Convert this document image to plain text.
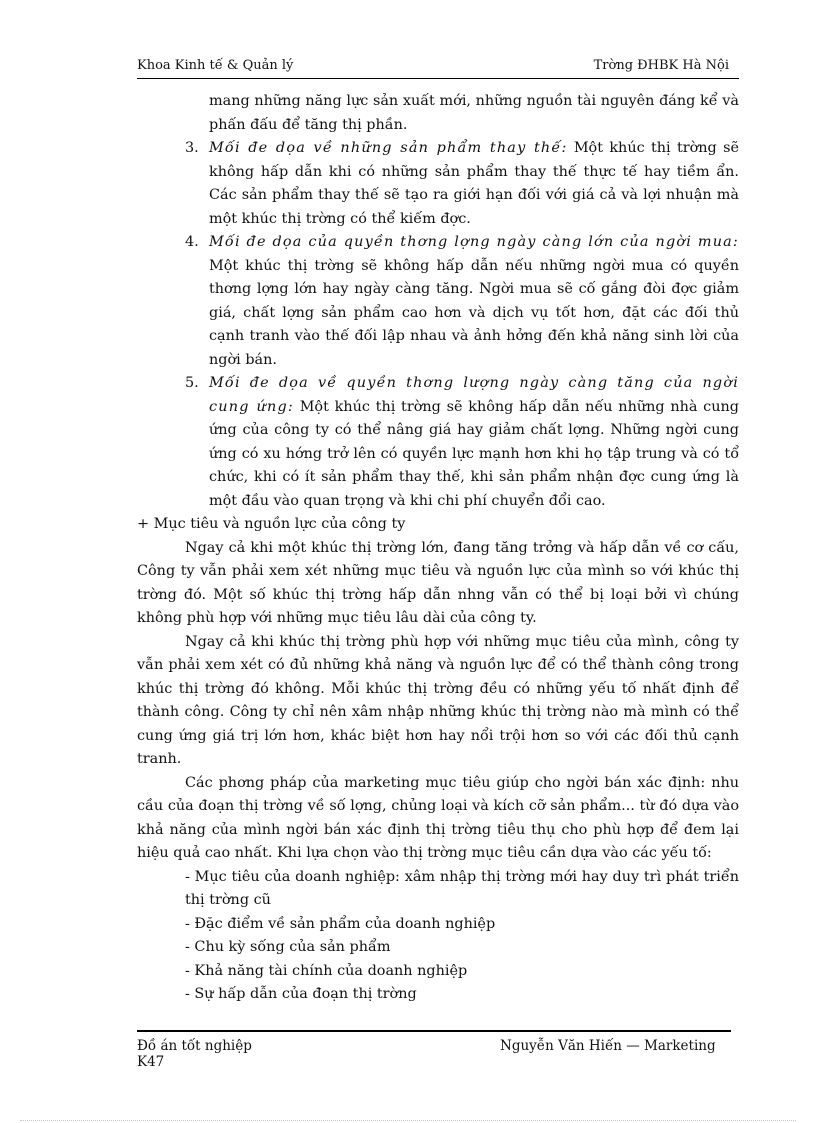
Khoa Kinh tế & Quản lý	Trờng ĐHBK Hà Nội

mang những năng lực sản xuất mới, những nguồn tài nguyên đáng kể và phấn đấu để tăng thị phần.

3. Mối đe dọa về những sản phẩm thay thế: Một khúc thị trờng sẽ không hấp dẫn khi có những sản phẩm thay thế thực tế hay tiềm ẩn. Các sản phẩm thay thế sẽ tạo ra giới hạn đối với giá cả và lợi nhuận mà một khúc thị trờng có thể kiếm đợc.

4. Mối đe dọa của quyền thơng lợng ngày càng lớn của ngời mua: Một khúc thị trờng sẽ không hấp dẫn nếu những ngời mua có quyền thơng lợng lớn hay ngày càng tăng. Ngời mua sẽ cố gắng đòi đợc giảm giá, chất lợng sản phẩm cao hơn và dịch vụ tốt hơn, đặt các đối thủ cạnh tranh vào thế đối lập nhau và ảnh hởng đến khả năng sinh lời của ngời bán.

5. Mối đe dọa về quyền thơng lượng ngày càng tăng của ngời cung ứng: Một khúc thị trờng sẽ không hấp dẫn nếu những nhà cung ứng của công ty có thể nâng giá hay giảm chất lợng. Những ngời cung ứng có xu hớng trở lên có quyền lực mạnh hơn khi họ tập trung và có tổ chức, khi có ít sản phẩm thay thế, khi sản phẩm nhận đợc cung ứng là một đầu vào quan trọng và khi chi phí chuyển đổi cao.

+ Mục tiêu và nguồn lực của công ty

Ngay cả khi một khúc thị trờng lớn, đang tăng trởng và hấp dẫn về cơ cấu, Công ty vẫn phải xem xét những mục tiêu và nguồn lực của mình so với khúc thị trờng đó. Một số khúc thị trờng hấp dẫn nhng vẫn có thể bị loại bởi vì chúng không phù hợp với những mục tiêu lâu dài của công ty.

Ngay cả khi khúc thị trờng phù hợp với những mục tiêu của mình, công ty vẫn phải xem xét có đủ những khả năng và nguồn lực để có thể thành công trong khúc thị trờng đó không. Mỗi khúc thị trờng đều có những yếu tố nhất định để thành công. Công ty chỉ nên xâm nhập những khúc thị trờng nào mà mình có thể cung ứng giá trị lớn hơn, khác biệt hơn hay nổi trội hơn so với các đối thủ cạnh tranh.

Các phơng pháp của marketing mục tiêu giúp cho ngời bán xác định: nhu cầu của đoạn thị trờng về số lợng, chủng loại và kích cỡ sản phẩm... từ đó dựa vào khả năng của mình ngời bán xác định thị trờng tiêu thụ cho phù hợp để đem lại hiệu quả cao nhất. Khi lựa chọn vào thị trờng mục tiêu cần dựa vào các yếu tố:

- Mục tiêu của doanh nghiệp: xâm nhập thị trờng mới hay duy trì phát triển thị trờng cũ

- Đặc điểm về sản phẩm của doanh nghiệp

- Chu kỳ sống của sản phẩm

- Khả năng tài chính của doanh nghiệp

- Sự hấp dẫn của đoạn thị trờng

Đồ án tốt nghiệp
K47
Nguyễn Văn Hiến — Marketing
